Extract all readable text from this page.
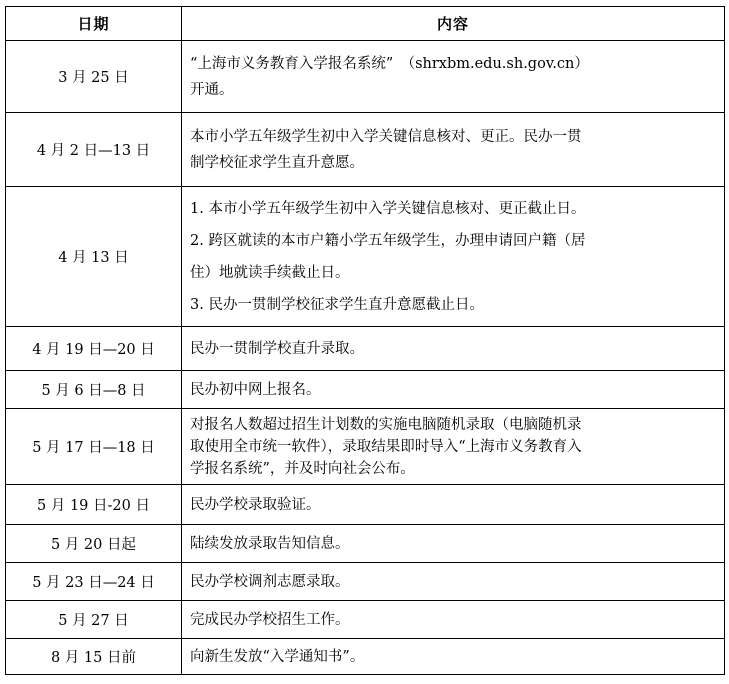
日期	内容
3 月 25 日	“上海市义务教育入学报名系统”　（shrxbm.edu.sh.gov.cn）
开通。

4 月 2 日—13 日	本市小学五年级学生初中入学关键信息核对、更正。民办一贯
制学校征求学生直升意愿。

4 月 13 日	1. 本市小学五年级学生初中入学关键信息核对、更正截止日。
2. 跨区就读的本市户籍小学五年级学生，办理申请回户籍（居
住）地就读手续截止日。
3. 民办一贯制学校征求学生直升意愿截止日。

4 月 19 日—20 日	民办一贯制学校直升录取。

5 月 6 日—8 日	民办初中网上报名。

5 月 17 日—18 日	对报名人数超过招生计划数的实施电脑随机录取（电脑随机录
取使用全市统一软件），录取结果即时导入“上海市义务教育入
学报名系统”，并及时向社会公布。

5 月 19 日-20 日	民办学校录取验证。

5 月 20 日起	陆续发放录取告知信息。

5 月 23 日—24 日	民办学校调剂志愿录取。

5 月 27 日	完成民办学校招生工作。

8 月 15 日前	向新生发放“入学通知书”。
